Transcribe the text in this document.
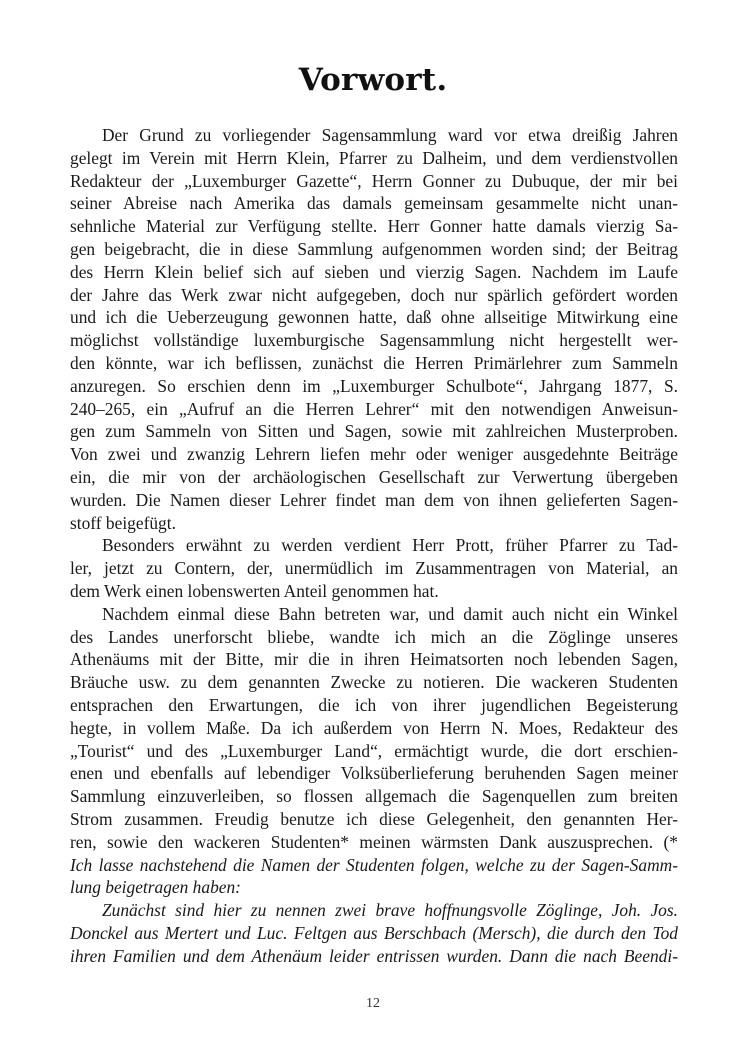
Vorwort.
Der Grund zu vorliegender Sagensammlung ward vor etwa dreißig Jahren
gelegt im Verein mit Herrn Klein, Pfarrer zu Dalheim, und dem verdienstvollen
Redakteur der „Luxemburger Gazette“, Herrn Gonner zu Dubuque, der mir bei
seiner Abreise nach Amerika das damals gemeinsam gesammelte nicht unan-
sehnliche Material zur Verfügung stellte. Herr Gonner hatte damals vierzig Sa-
gen beigebracht, die in diese Sammlung aufgenommen worden sind; der Beitrag
des Herrn Klein belief sich auf sieben und vierzig Sagen. Nachdem im Laufe
der Jahre das Werk zwar nicht aufgegeben, doch nur spärlich gefördert worden
und ich die Ueberzeugung gewonnen hatte, daß ohne allseitige Mitwirkung eine
möglichst vollständige luxemburgische Sagensammlung nicht hergestellt wer-
den könnte, war ich beflissen, zunächst die Herren Primärlehrer zum Sammeln
anzuregen. So erschien denn im „Luxemburger Schulbote“, Jahrgang 1877, S.
240–265, ein „Aufruf an die Herren Lehrer“ mit den notwendigen Anweisun-
gen zum Sammeln von Sitten und Sagen, sowie mit zahlreichen Musterproben.
Von zwei und zwanzig Lehrern liefen mehr oder weniger ausgedehnte Beiträge
ein, die mir von der archäologischen Gesellschaft zur Verwertung übergeben
wurden. Die Namen dieser Lehrer findet man dem von ihnen gelieferten Sagen-
stoff beigefügt.
Besonders erwähnt zu werden verdient Herr Prott, früher Pfarrer zu Tad-
ler, jetzt zu Contern, der, unermüdlich im Zusammentragen von Material, an
dem Werk einen lobenswerten Anteil genommen hat.
Nachdem einmal diese Bahn betreten war, und damit auch nicht ein Winkel
des Landes unerforscht bliebe, wandte ich mich an die Zöglinge unseres
Athenäums mit der Bitte, mir die in ihren Heimatsorten noch lebenden Sagen,
Bräuche usw. zu dem genannten Zwecke zu notieren. Die wackeren Studenten
entsprachen den Erwartungen, die ich von ihrer jugendlichen Begeisterung
hegte, in vollem Maße. Da ich außerdem von Herrn N. Moes, Redakteur des
„Tourist“ und des „Luxemburger Land“, ermächtigt wurde, die dort erschien-
enen und ebenfalls auf lebendiger Volksüberlieferung beruhenden Sagen meiner
Sammlung einzuverleiben, so flossen allgemach die Sagenquellen zum breiten
Strom zusammen. Freudig benutze ich diese Gelegenheit, den genannten Her-
ren, sowie den wackeren Studenten* meinen wärmsten Dank auszusprechen. (*
Ich lasse nachstehend die Namen der Studenten folgen, welche zu der Sagen-Samm-
lung beigetragen haben:
Zunächst sind hier zu nennen zwei brave hoffnungsvolle Zöglinge, Joh. Jos.
Donckel aus Mertert und Luc. Feltgen aus Berschbach (Mersch), die durch den Tod
ihren Familien und dem Athenäum leider entrissen wurden. Dann die nach Beendi-
12
